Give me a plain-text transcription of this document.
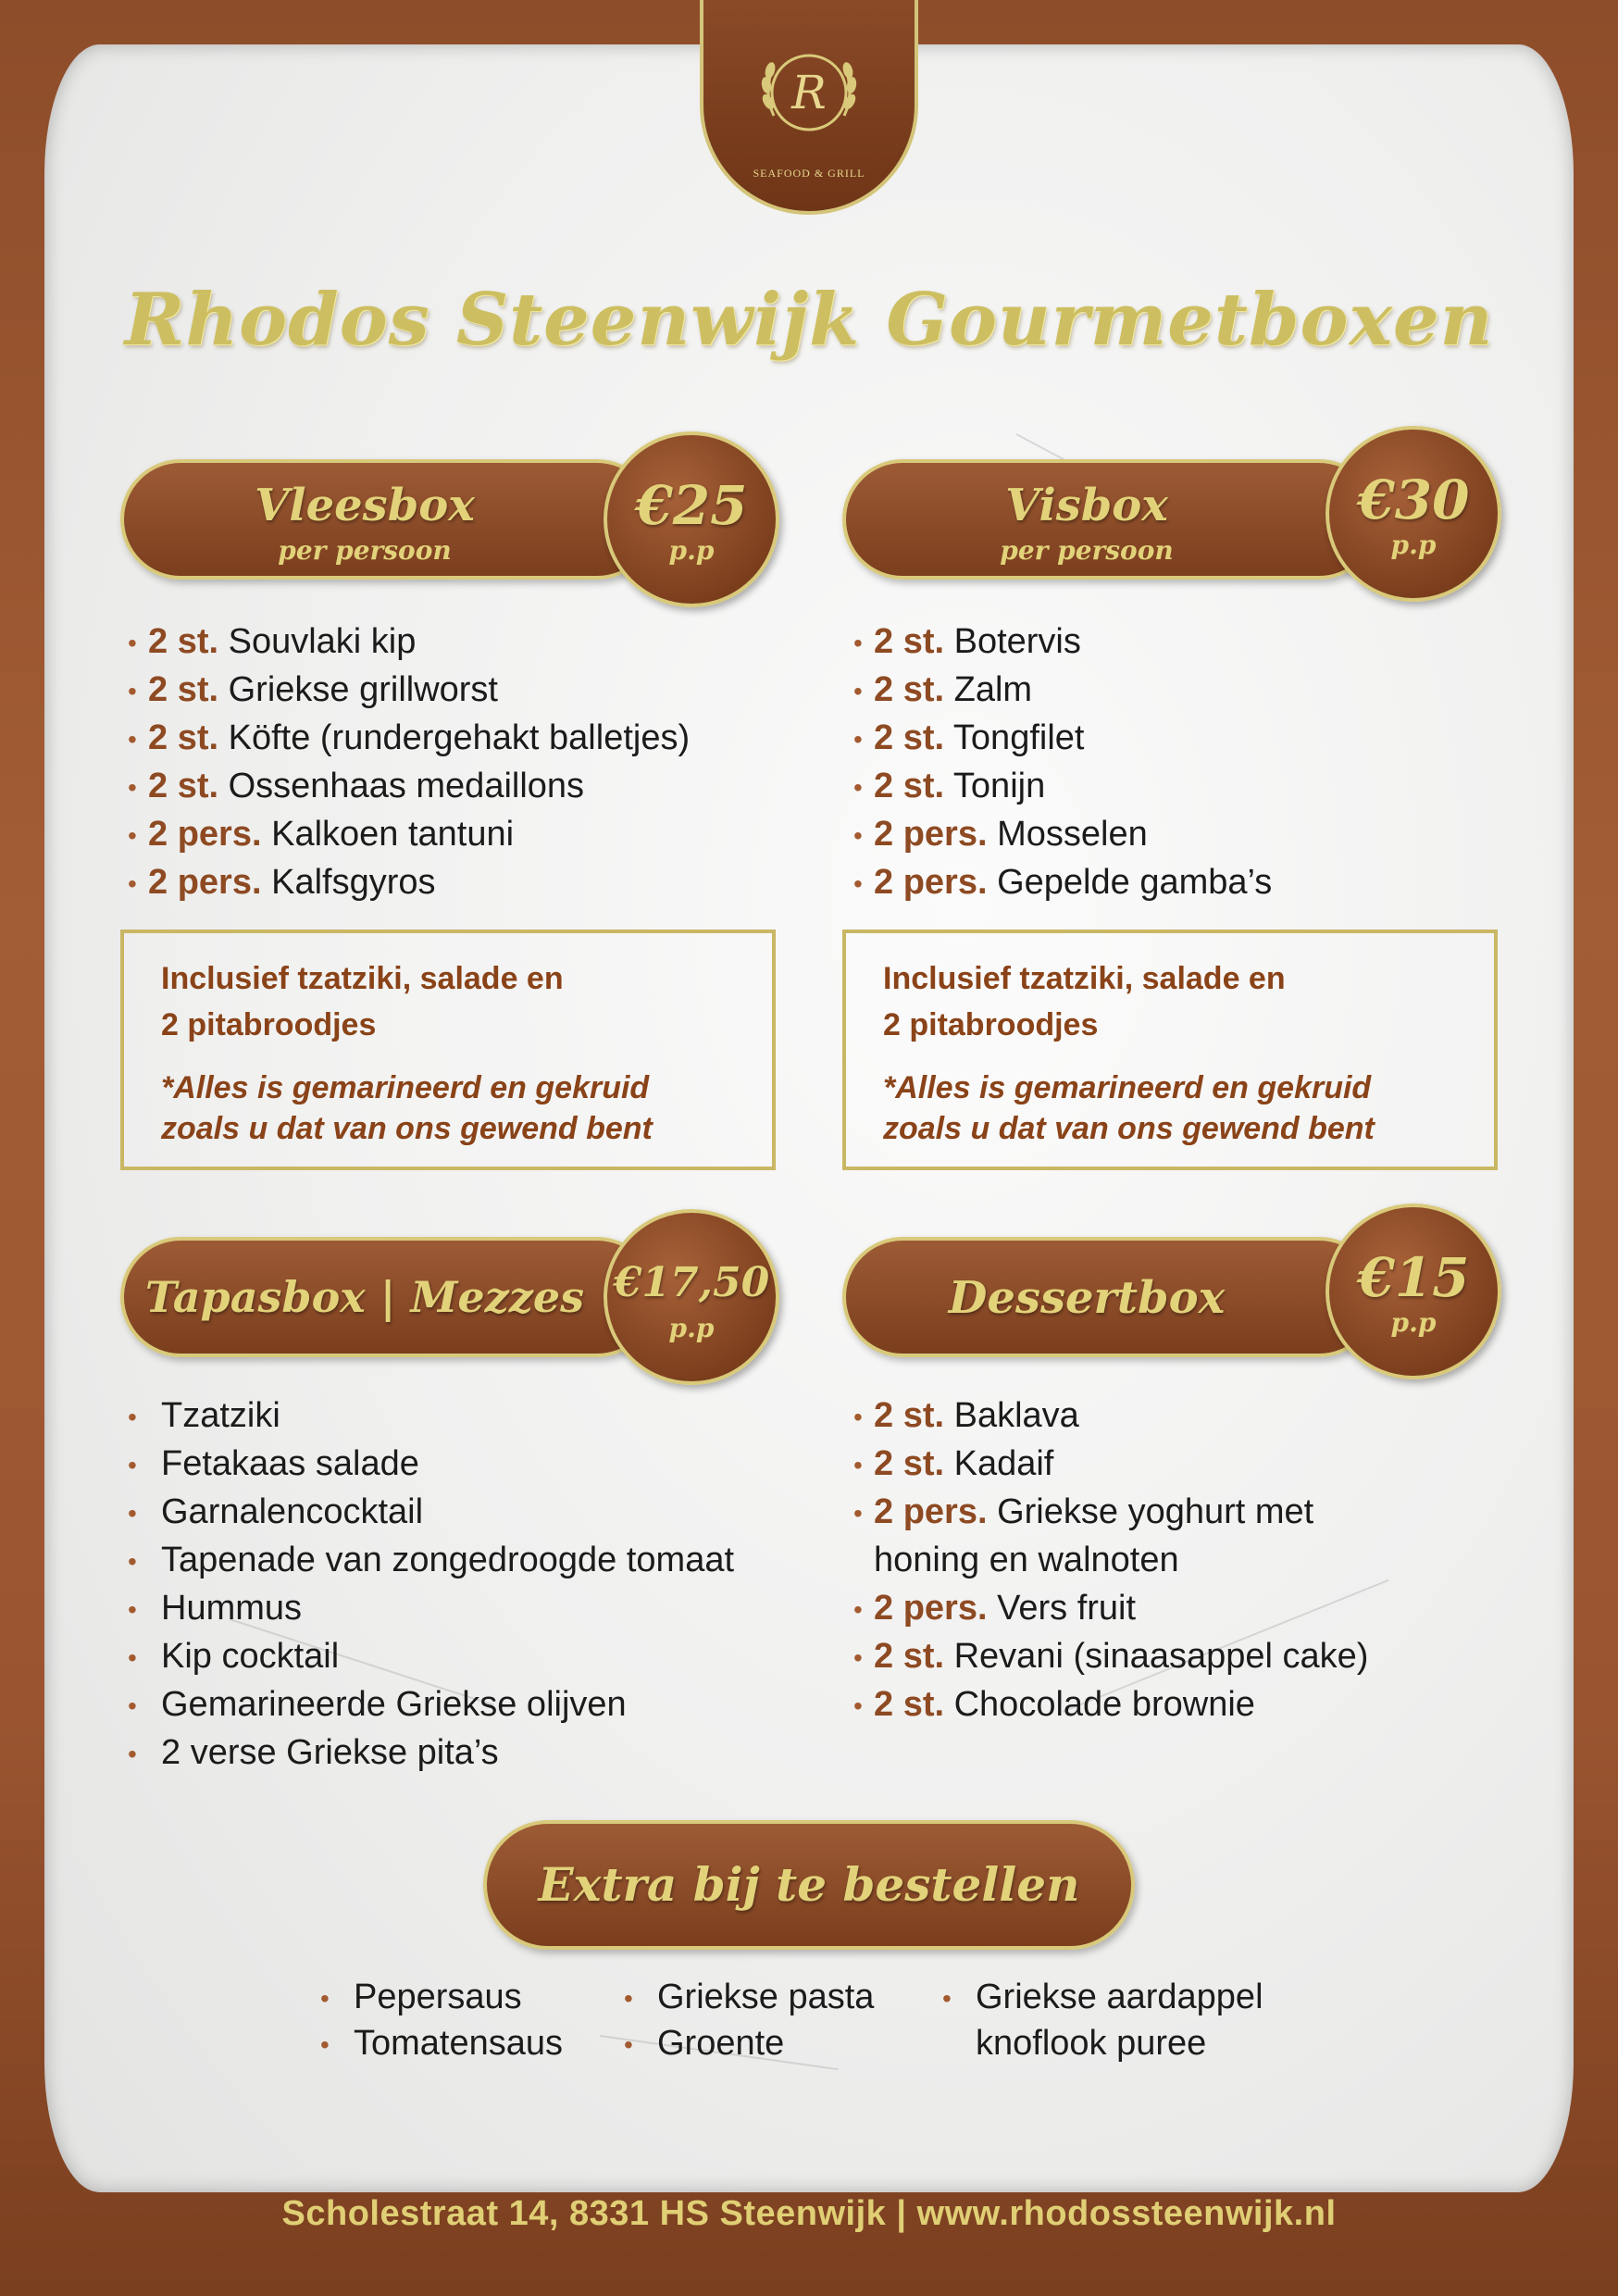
R
SEAFOOD & GRILL
Rhodos Steenwijk Gourmetboxen
Vleesbox
per persoon
€25
p.p
• 2 st. Souvlaki kip
• 2 st. Griekse grillworst
• 2 st. Köfte (rundergehakt balletjes)
• 2 st. Ossenhaas medaillons
• 2 pers. Kalkoen tantuni
• 2 pers. Kalfsgyros
Inclusief tzatziki, salade en
2 pitabroodjes
*Alles is gemarineerd en gekruid
zoals u dat van ons gewend bent
Visbox
per persoon
€30
p.p
• 2 st. Botervis
• 2 st. Zalm
• 2 st. Tongfilet
• 2 st. Tonijn
• 2 pers. Mosselen
• 2 pers. Gepelde gamba’s
Inclusief tzatziki, salade en
2 pitabroodjes
*Alles is gemarineerd en gekruid
zoals u dat van ons gewend bent
Tapasbox | Mezzes €17,50
p.p
• Tzatziki
• Fetakaas salade
• Garnalencocktail
• Tapenade van zongedroogde tomaat
• Hummus
• Kip cocktail
• Gemarineerde Griekse olijven
• 2 verse Griekse pita’s
Dessertbox	€15
p.p
• 2 st. Baklava
• 2 st. Kadaif
• 2 pers. Griekse yoghurt met
honing en walnoten
• 2 pers. Vers fruit
• 2 st. Revani (sinaasappel cake)
• 2 st. Chocolade brownie
Extra bij te bestellen
• Pepersaus
• Tomatensaus
• Griekse pasta
• Groente
• Griekse aardappel
knoflook puree
Scholestraat 14, 8331 HS Steenwijk | www.rhodossteenwijk.nl
